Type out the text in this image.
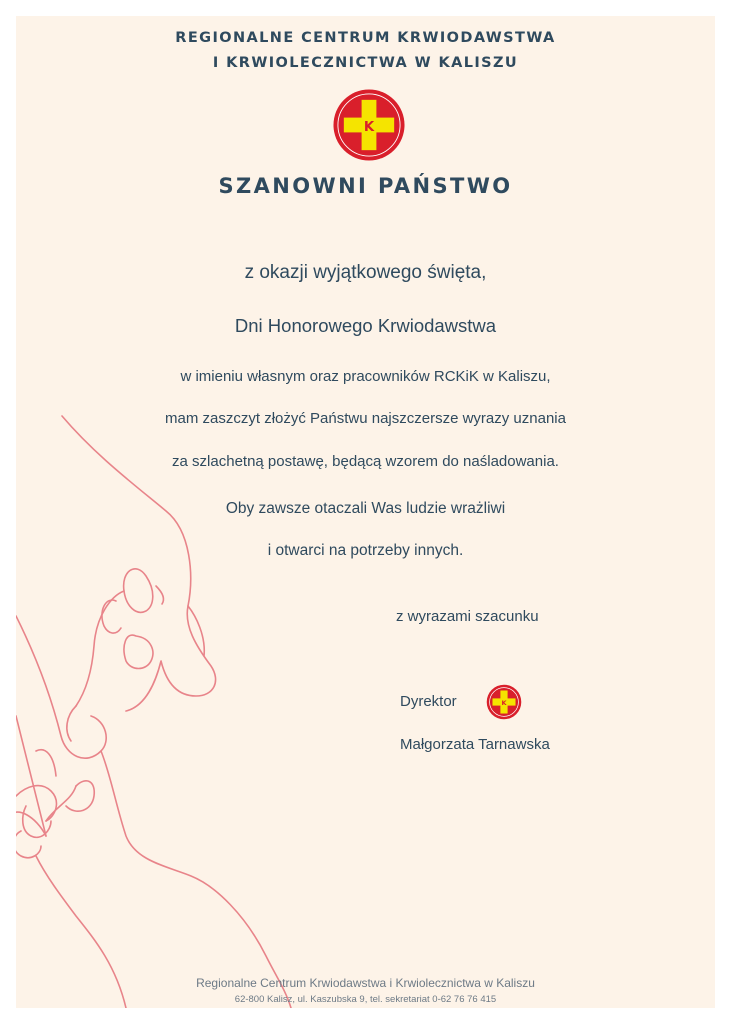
REGIONALNE CENTRUM KRWIODAWSTWA
I KRWIOLECZNICTWA W KALISZU
K
SZANOWNI PAŃSTWO
z okazji wyjątkowego święta,
Dni Honorowego Krwiodawstwa
w imieniu własnym oraz pracowników RCKiK w Kaliszu,
mam zaszczyt złożyć Państwu najszczersze wyrazy uznania
za szlachetną postawę, będącą wzorem do naśladowania.
Oby zawsze otaczali Was ludzie wrażliwi
i otwarci na potrzeby innych.
z wyrazami szacunku
Dyrektor K
Małgorzata Tarnawska
Regionalne Centrum Krwiodawstwa i Krwiolecznictwa w Kaliszu
62-800 Kalisz, ul. Kaszubska 9, tel. sekretariat 0-62 76 76 415
